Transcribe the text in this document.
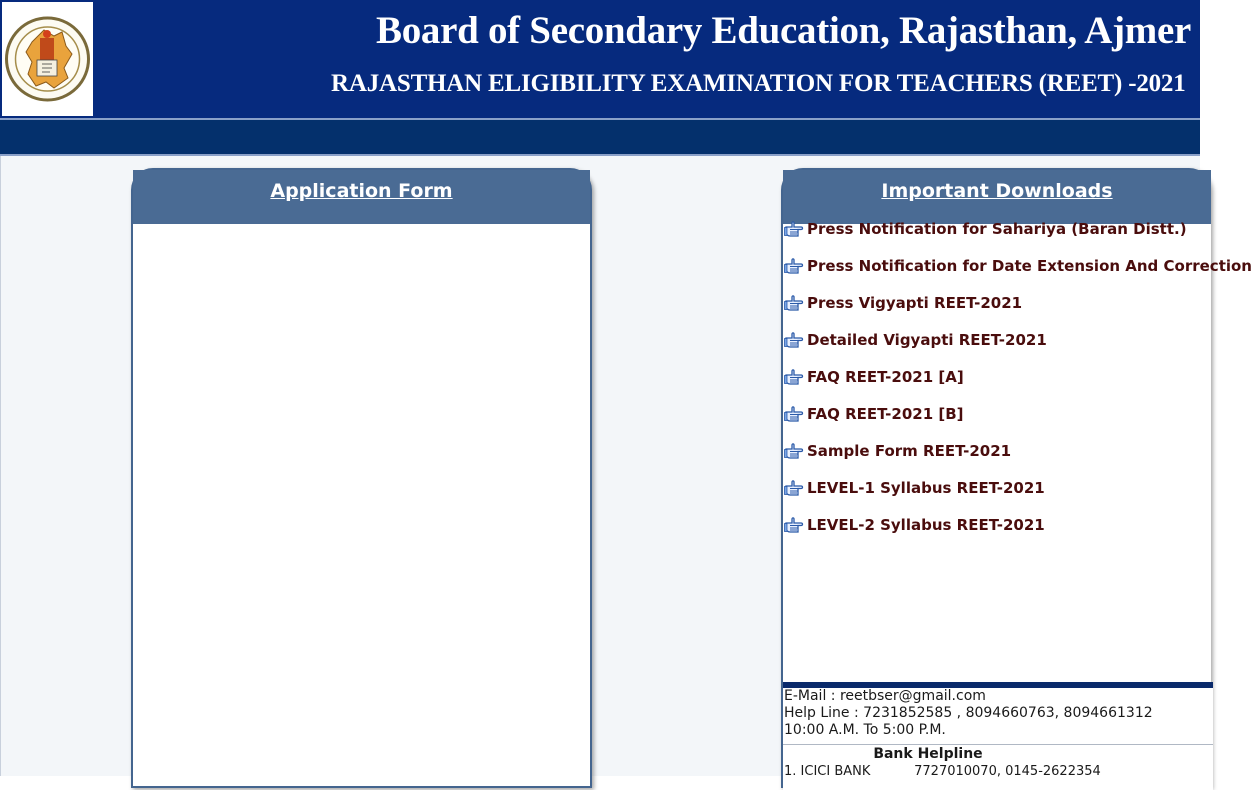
Board of Secondary Education, Rajasthan, Ajmer
RAJASTHAN ELIGIBILITY EXAMINATION FOR TEACHERS (REET) -2021
Application Form	Important Downloads
Press Notification for Sahariya (Baran Distt.)
Press Notification for Date Extension And Correction
Press Vigyapti REET-2021
Detailed Vigyapti REET-2021
FAQ REET-2021 [A]
FAQ REET-2021 [B]
Sample Form REET-2021
LEVEL-1 Syllabus REET-2021
LEVEL-2 Syllabus REET-2021
E-Mail : reetbser@gmail.com
Help Line : 7231852585 , 8094660763, 8094661312
10:00 A.M. To 5:00 P.M.
Bank Helpline
1. ICICI BANK	7727010070, 0145-2622354
